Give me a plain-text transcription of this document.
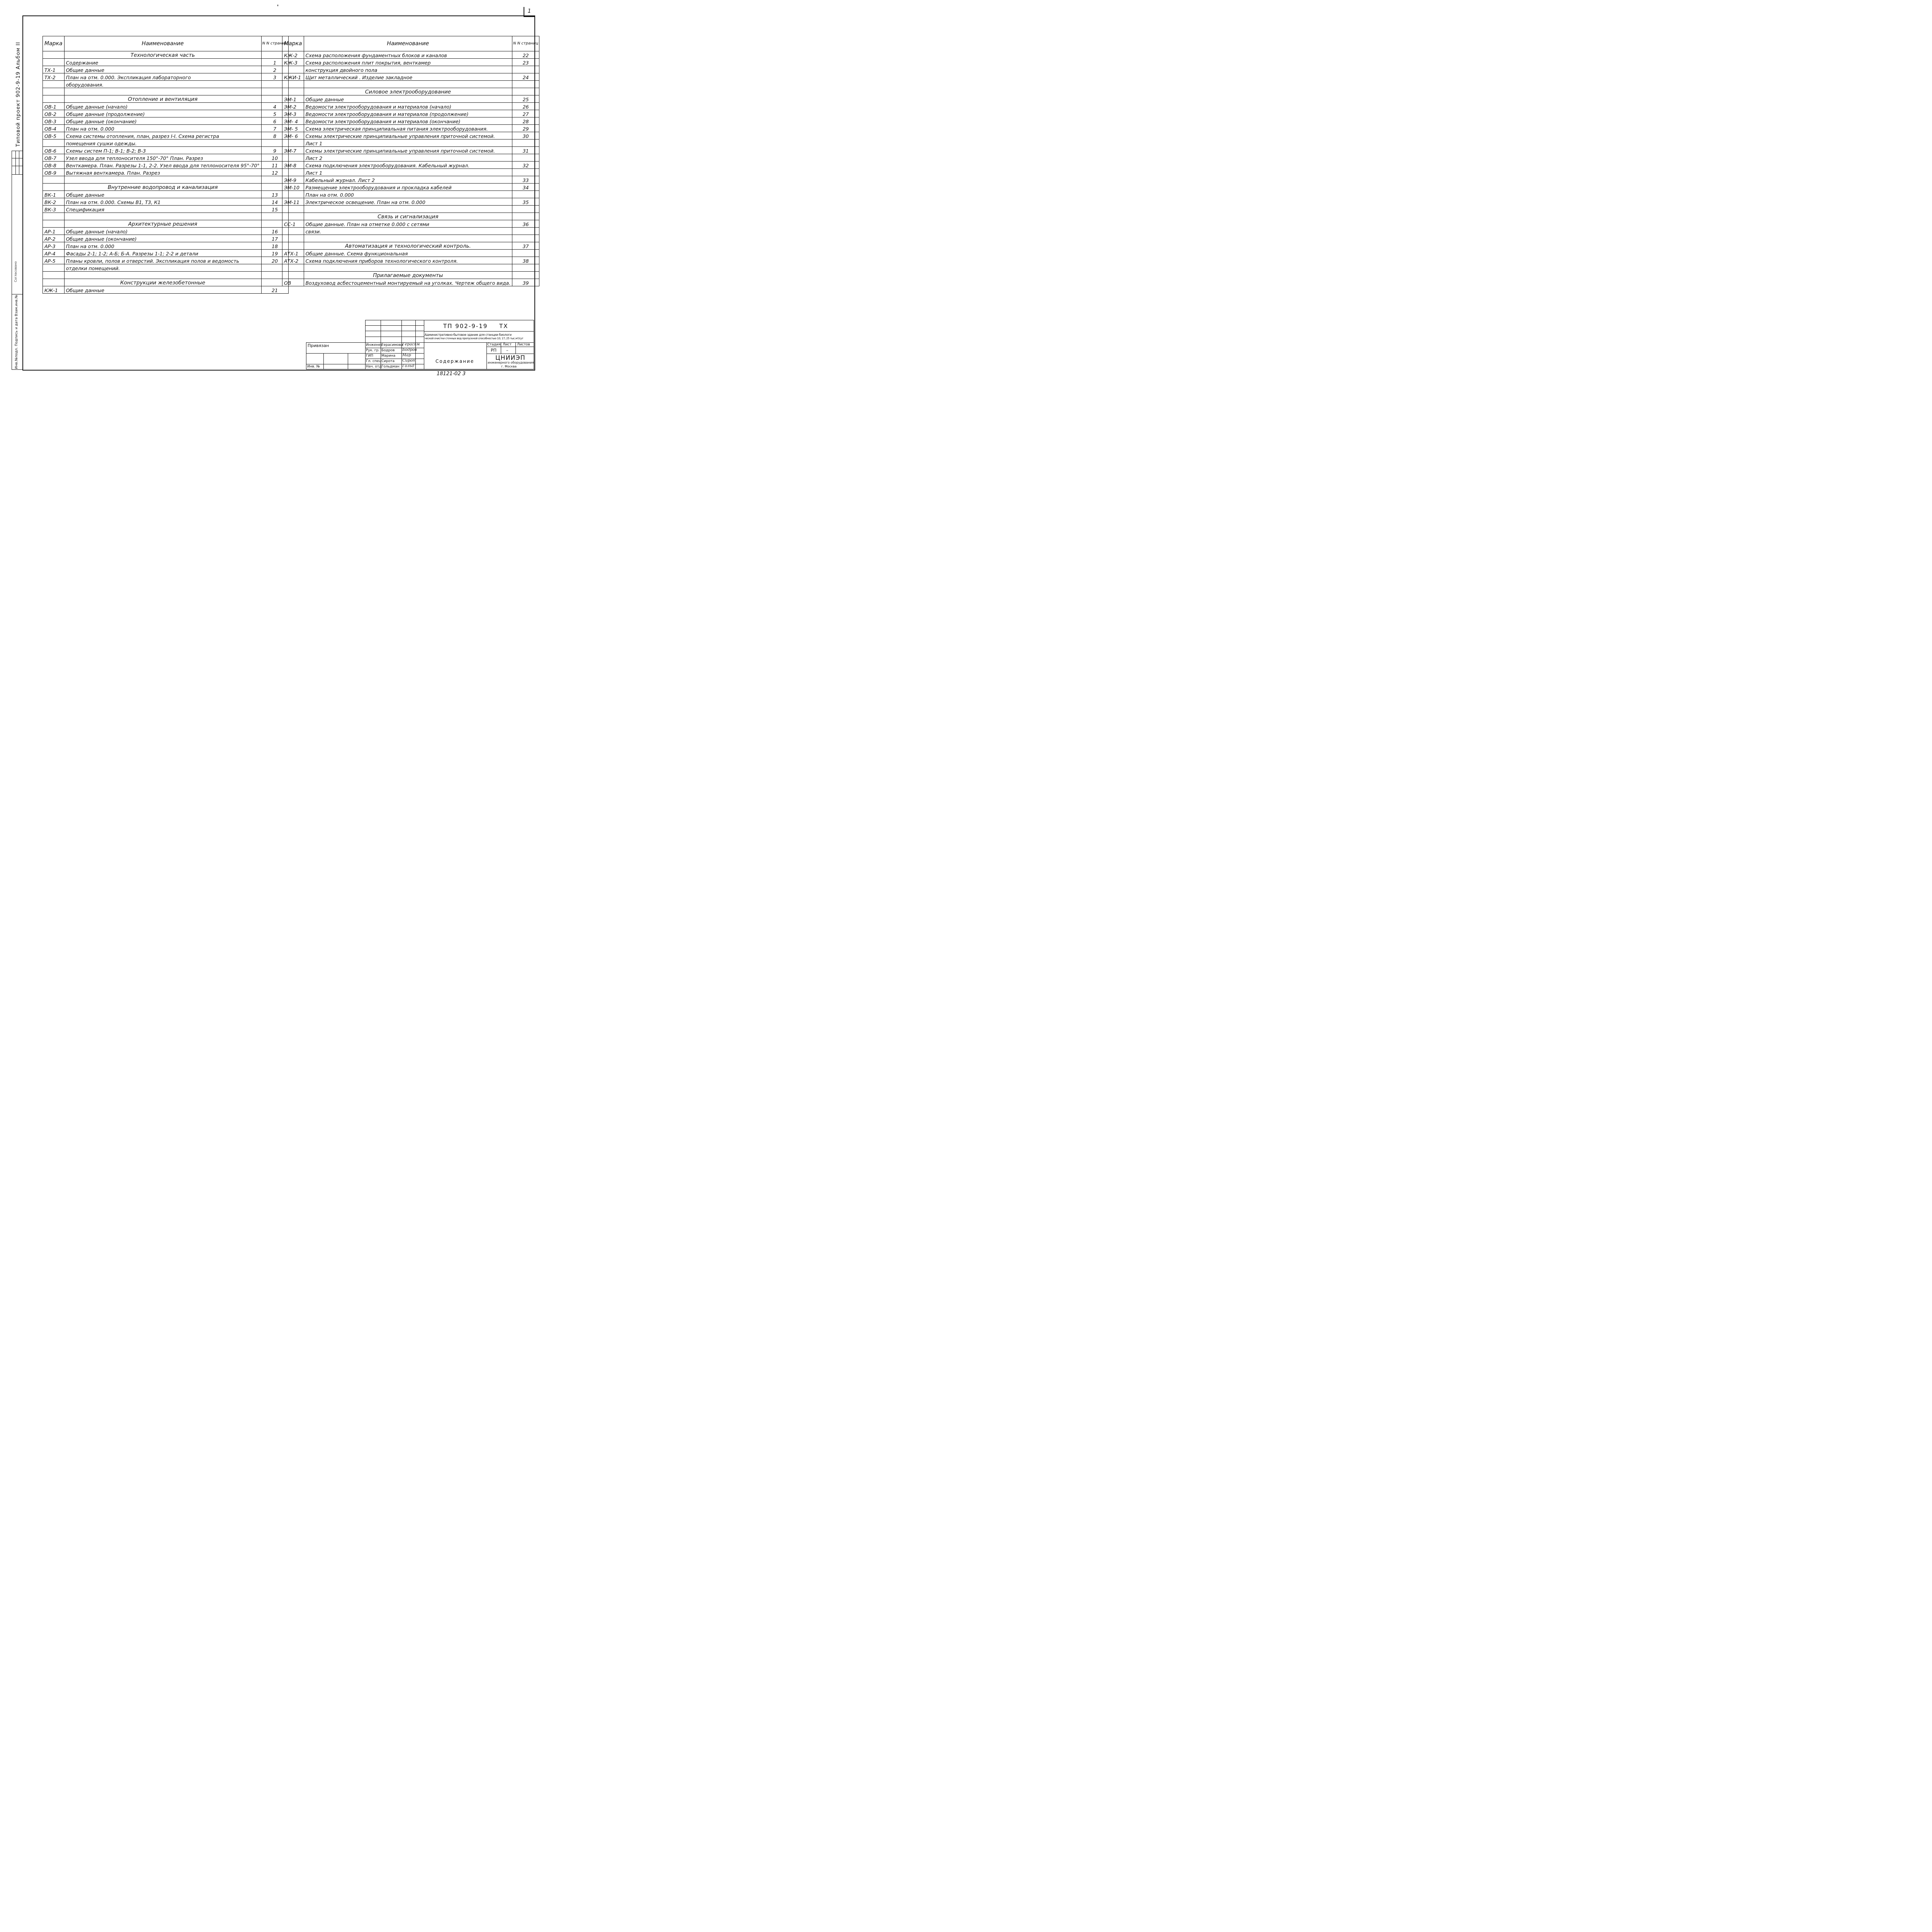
1
Типовой проект 902-9-19 Альбом II
Согласовано
Инв.№подл. Подпись и дата Взам.инв.№
Марка	Наименование	N N страниц
	Технологическая часть	
	Содержание	1
ТХ-1	Общие данные	2
ТХ-2	План на отм. 0.000. Экспликация лабораторного	3
	оборудования.	

	Отопление и вентиляция	
ОВ-1	Общие данные (начало)	4
ОВ-2	Общие данные (продолжение)	5
ОВ-3	Общие данные (окончание)	6
ОВ-4	План на отм. 0.000	7
ОВ-5	Схема системы отопления, план, разрез I-I. Схема регистра	8
	помещения сушки одежды.	
ОВ-6	Схемы систем П-1; В-1; В-2; В-3	9
ОВ-7	Узел ввода для теплоносителя 150°-70° План. Разрез	10
ОВ-8	Венткамера. План. Разрезы 1-1, 2-2. Узел ввода для теплоносителя 95°-70°	11
ОВ-9	Вытяжная венткамера. План. Разрез	12

	Внутренние водопровод и канализация	
ВК-1	Общие данные	13
ВК-2	План на отм. 0.000. Схемы В1, Т3, К1	14
ВК-3	Спецификация	15

	Архитектурные решения	
АР-1	Общие данные (начало)	16
АР-2	Общие данные (окончание)	17
АР-3	План на отм. 0.000	18
АР-4	Фасады 2-1; 1-2; А-Б; Б-А. Разрезы 1-1; 2-2 и детали	19
АР-5	Планы кровли, полов и отверстий. Экспликация полов и ведомость	20
	отделки помещений.	

	Конструкции железобетонные	
КЖ-1	Общие данные	21
Марка	Наименование	N N страниц
КЖ-2	Схема расположения фундаментных блоков и каналов	22
КЖ-3	Схема расположения плит покрытия, венткамер	23
	конструкция двойного пола	
КЖИ-1	Щит металлический . Изделие закладное	24

	Силовое электрооборудование	
ЭМ-1	Общие данные	25
ЭМ-2	Ведомости электрооборудования и материалов (начало)	26
ЭМ-3	Ведомости электрооборудования и материалов (продолжение)	27
ЭМ- 4	Ведомости электрооборудования и материалов (окончание)	28
ЭМ- 5	Схема электрическая принципиальная питания электрооборудования.	29
ЭМ- 6	Схемы электрические принципиальные управления приточной системой.	30
	Лист 1	
ЭМ-7	Схемы электрические принципиальные управления приточной системой.	31
	Лист 2	
ЭМ-8	Схема подключения электрооборудования. Кабельный журнал.	32
	Лист 1	
ЭМ-9	Кабельный журнал. Лист 2	33
ЭМ-10	Размещение электрооборудования и прокладка кабелей	34
	План на отм. 0.000	
ЭМ-11	Электрическое освещение. План на отм. 0.000	35

	Связь и сигнализация	
СС-1	Общие данные. План на отметке 0.000 с сетями	36
	связи.	

	Автоматизация и технологический контроль.	37
АТХ-1	Общие данные. Схема функциональная	
АТХ-2	Схема подключения приборов технологического контроля.	38

	Прилагаемые документы	
ОВ	Воздуховод асбестоцементный монтируемый на уголках. Чертеж общего вида.	39
Привязан
Инв. №
Инженер
Рук. гр.
ГИП
Гл. спец
Нач. отд
Герасимова
Бодров
Марина
Сирота
Гольдман
Герасим
Бодров
Мар
Сирот
Гольд
ТП 902-9-19 ТХ
Административно-бытовое здание для станции биологи
ческой очистки сточных вод пропускной способностью 10; 17; 25 тыс.м³/сут
Стадия Лист Листов
РП –
Содержание	ЦНИИЭП
инженерного оборудования
г. Москва
18121-02 3
